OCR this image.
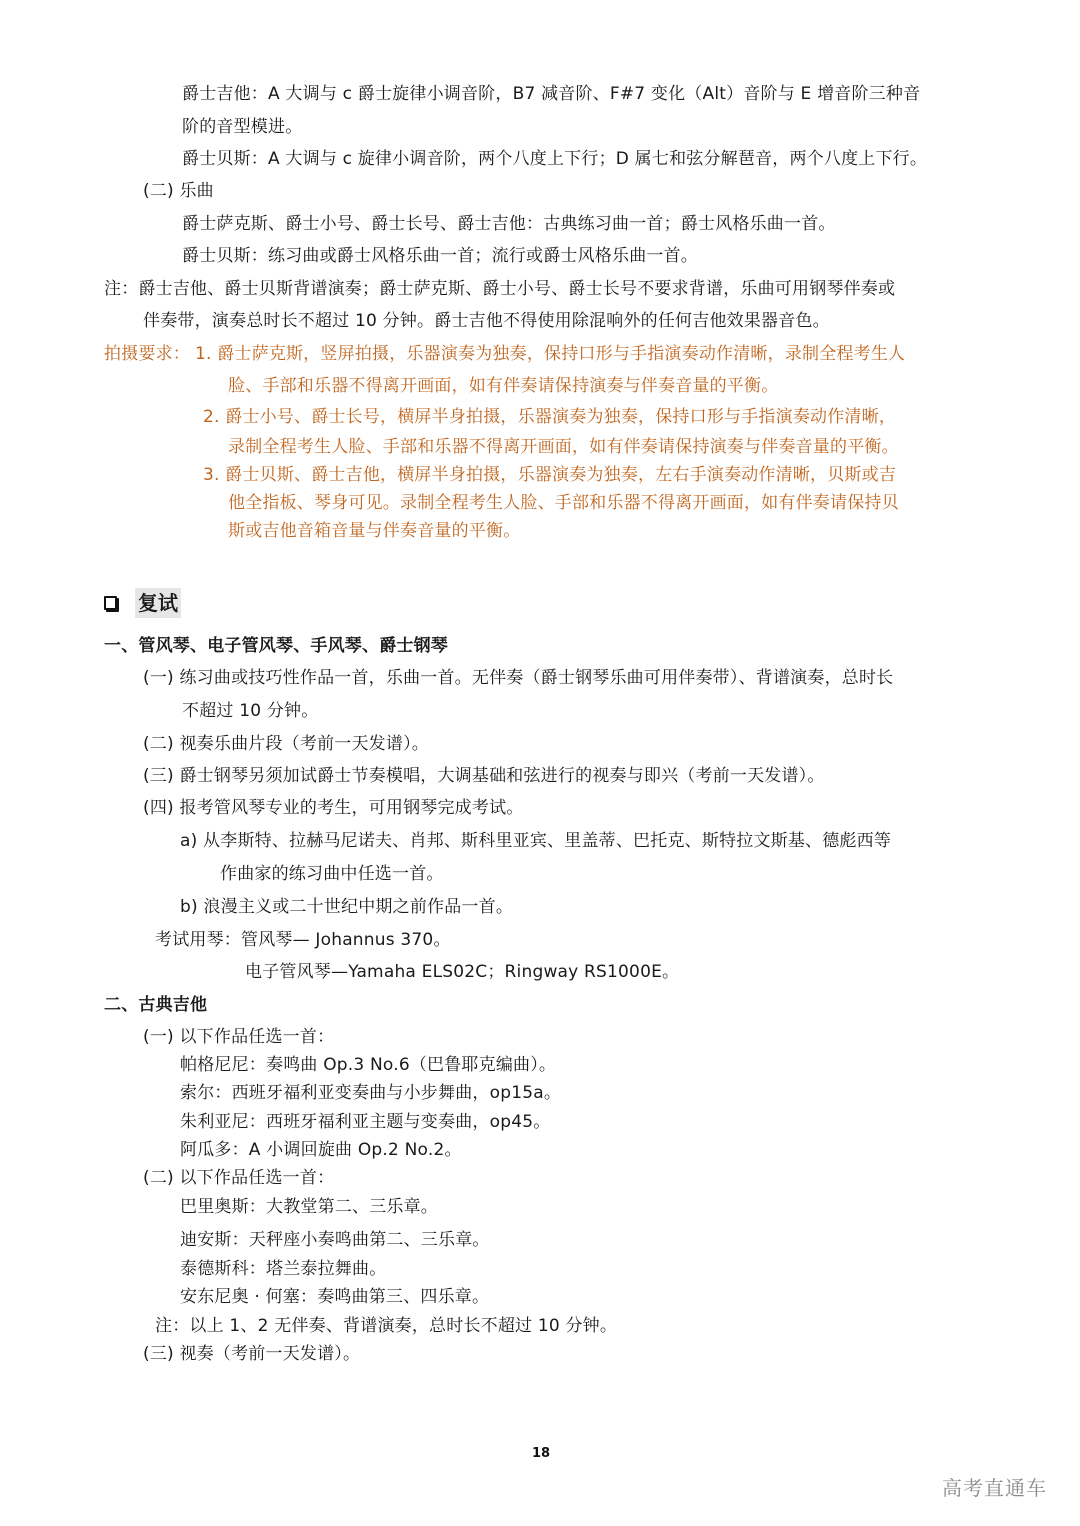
爵士吉他：A 大调与 c 爵士旋律小调音阶，B7 减音阶、F#7 变化（Alt）音阶与 E 增音阶三种音
阶的音型模进。
爵士贝斯：A 大调与 c 旋律小调音阶，两个八度上下行；D 属七和弦分解琶音，两个八度上下行。
(二) 乐曲
爵士萨克斯、爵士小号、爵士长号、爵士吉他：古典练习曲一首；爵士风格乐曲一首。
爵士贝斯：练习曲或爵士风格乐曲一首；流行或爵士风格乐曲一首。
注：爵士吉他、爵士贝斯背谱演奏；爵士萨克斯、爵士小号、爵士长号不要求背谱，乐曲可用钢琴伴奏或
伴奏带，演奏总时长不超过 10 分钟。爵士吉他不得使用除混响外的任何吉他效果器音色。
拍摄要求： 1. 爵士萨克斯，竖屏拍摄，乐器演奏为独奏，保持口形与手指演奏动作清晰，录制全程考生人
脸、手部和乐器不得离开画面，如有伴奏请保持演奏与伴奏音量的平衡。
2. 爵士小号、爵士长号，横屏半身拍摄，乐器演奏为独奏，保持口形与手指演奏动作清晰，
录制全程考生人脸、手部和乐器不得离开画面，如有伴奏请保持演奏与伴奏音量的平衡。
3. 爵士贝斯、爵士吉他，横屏半身拍摄，乐器演奏为独奏，左右手演奏动作清晰，贝斯或吉
他全指板、琴身可见。录制全程考生人脸、手部和乐器不得离开画面，如有伴奏请保持贝
斯或吉他音箱音量与伴奏音量的平衡。
复试
一、管风琴、电子管风琴、手风琴、爵士钢琴
(一) 练习曲或技巧性作品一首，乐曲一首。无伴奏（爵士钢琴乐曲可用伴奏带）、背谱演奏，总时长
不超过 10 分钟。
(二) 视奏乐曲片段（考前一天发谱）。
(三) 爵士钢琴另须加试爵士节奏模唱，大调基础和弦进行的视奏与即兴（考前一天发谱）。
(四) 报考管风琴专业的考生，可用钢琴完成考试。
a) 从李斯特、拉赫马尼诺夫、肖邦、斯科里亚宾、里盖蒂、巴托克、斯特拉文斯基、德彪西等
作曲家的练习曲中任选一首。
b) 浪漫主义或二十世纪中期之前作品一首。
考试用琴：管风琴— Johannus 370。
电子管风琴—Yamaha ELS02C；Ringway RS1000E。
二、古典吉他
(一) 以下作品任选一首：
帕格尼尼：奏鸣曲 Op.3 No.6（巴鲁耶克编曲）。
索尔：西班牙福利亚变奏曲与小步舞曲，op15a。
朱利亚尼：西班牙福利亚主题与变奏曲，op45。
阿瓜多：A 小调回旋曲 Op.2 No.2。
(二) 以下作品任选一首：
巴里奥斯：大教堂第二、三乐章。
迪安斯：天秤座小奏鸣曲第二、三乐章。
泰德斯科：塔兰泰拉舞曲。
安东尼奥 · 何塞：奏鸣曲第三、四乐章。
注：以上 1、2 无伴奏、背谱演奏，总时长不超过 10 分钟。
(三) 视奏（考前一天发谱）。
18
高考直通车
